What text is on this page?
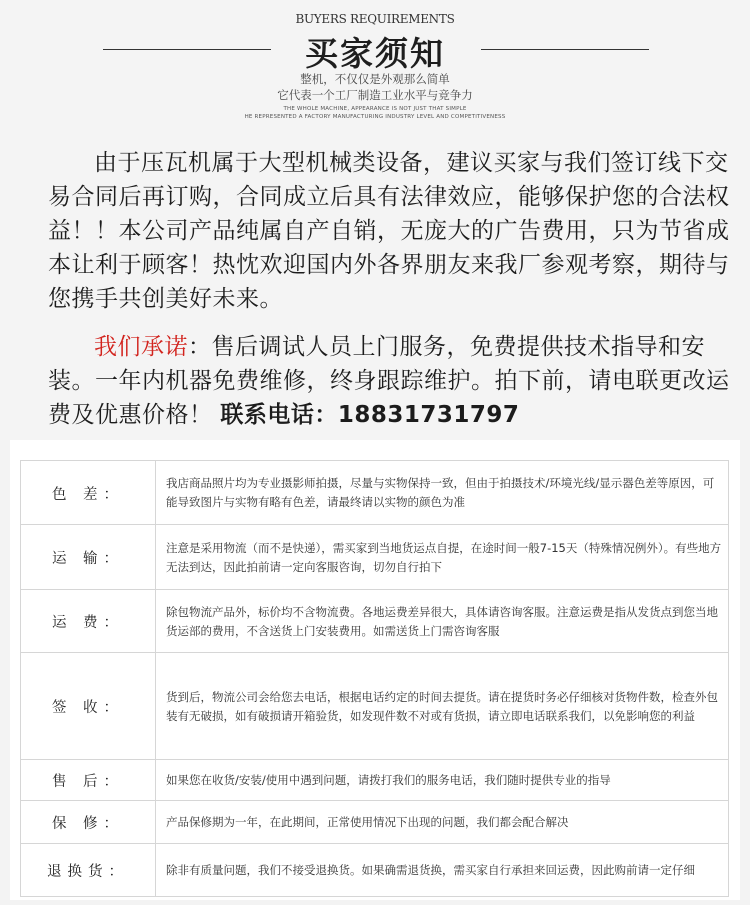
BUYERS REQUIREMENTS
买家须知
整机，不仅仅是外观那么简单
它代表一个工厂制造工业水平与竞争力
THE WHOLE MACHINE, APPEARANCE IS NOT JUST THAT SIMPLE
HE REPRESENTED A FACTORY MANUFACTURING INDUSTRY LEVEL AND COMPETITIVENESS
由于压瓦机属于大型机械类设备，建议买家与我们签订线下交易合同后再订购，合同成立后具有法律效应，能够保护您的合法权益！！本公司产品纯属自产自销，无庞大的广告费用，只为节省成本让利于顾客！热忱欢迎国内外各界朋友来我厂参观考察，期待与您携手共创美好未来。
我们承诺：售后调试人员上门服务，免费提供技术指导和安装。一年内机器免费维修，终身跟踪维护。拍下前，请电联更改运费及优惠价格！ 联系电话：18831731797
色 差：
我店商品照片均为专业摄影师拍摄，尽量与实物保持一致，但由于拍摄技术/环境光线/显示器色差等原因，可能导致图片与实物有略有色差，请最终请以实物的颜色为准
运 输：
注意是采用物流（而不是快递），需买家到当地货运点自提，在途时间一般7-15天（特殊情况例外）。有些地方无法到达，因此拍前请一定向客服咨询，切勿自行拍下
运 费：
除包物流产品外，标价均不含物流费。各地运费差异很大，具体请咨询客服。注意运费是指从发货点到您当地货运部的费用，不含送货上门安装费用。如需送货上门需咨询客服
签 收：
货到后，物流公司会给您去电话，根据电话约定的时间去提货。请在提货时务必仔细核对货物件数，检查外包装有无破损，如有破损请开箱验货，如发现件数不对或有货损，请立即电话联系我们，以免影响您的利益
售 后：	如果您在收货/安装/使用中遇到问题，请拨打我们的服务电话，我们随时提供专业的指导
保 修：	产品保修期为一年，在此期间，正常使用情况下出现的问题，我们都会配合解决
退换货：	除非有质量问题，我们不接受退换货。如果确需退货换，需买家自行承担来回运费，因此购前请一定仔细
